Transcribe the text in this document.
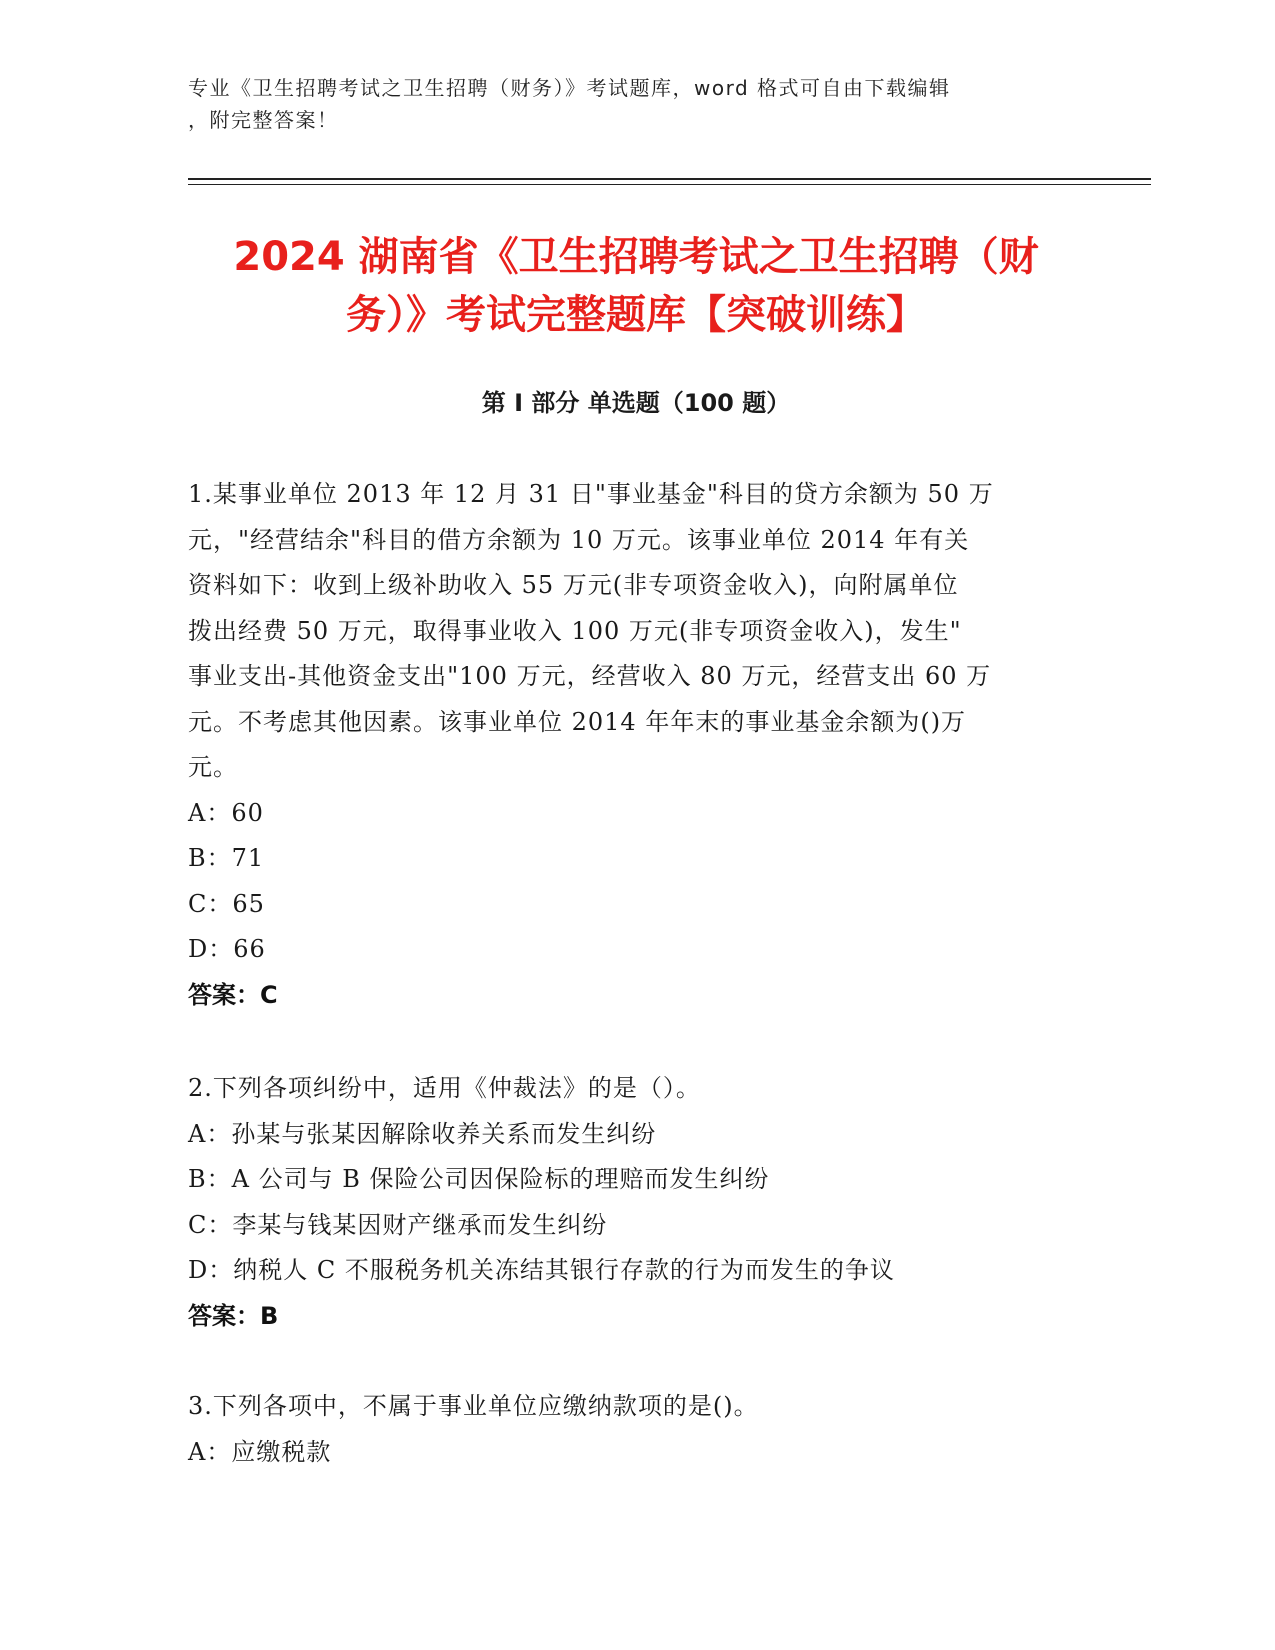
专业《卫生招聘考试之卫生招聘（财务）》考试题库，word 格式可自由下载编辑
，附完整答案！
2024 湖南省《卫生招聘考试之卫生招聘（财
务）》考试完整题库【突破训练】
第 I 部分 单选题（100 题）
1.某事业单位 2013 年 12 月 31 日"事业基金"科目的贷方余额为 50 万
元，"经营结余"科目的借方余额为 10 万元。该事业单位 2014 年有关
资料如下：收到上级补助收入 55 万元(非专项资金收入)，向附属单位
拨出经费 50 万元，取得事业收入 100 万元(非专项资金收入)，发生"
事业支出-其他资金支出"100 万元，经营收入 80 万元，经营支出 60 万
元。不考虑其他因素。该事业单位 2014 年年末的事业基金余额为()万
元。
A：60
B：71
C：65
D：66
答案：C
2.下列各项纠纷中，适用《仲裁法》的是（）。
A：孙某与张某因解除收养关系而发生纠纷
B：A 公司与 B 保险公司因保险标的理赔而发生纠纷
C：李某与钱某因财产继承而发生纠纷
D：纳税人 C 不服税务机关冻结其银行存款的行为而发生的争议
答案：B
3.下列各项中，不属于事业单位应缴纳款项的是()。
A：应缴税款
